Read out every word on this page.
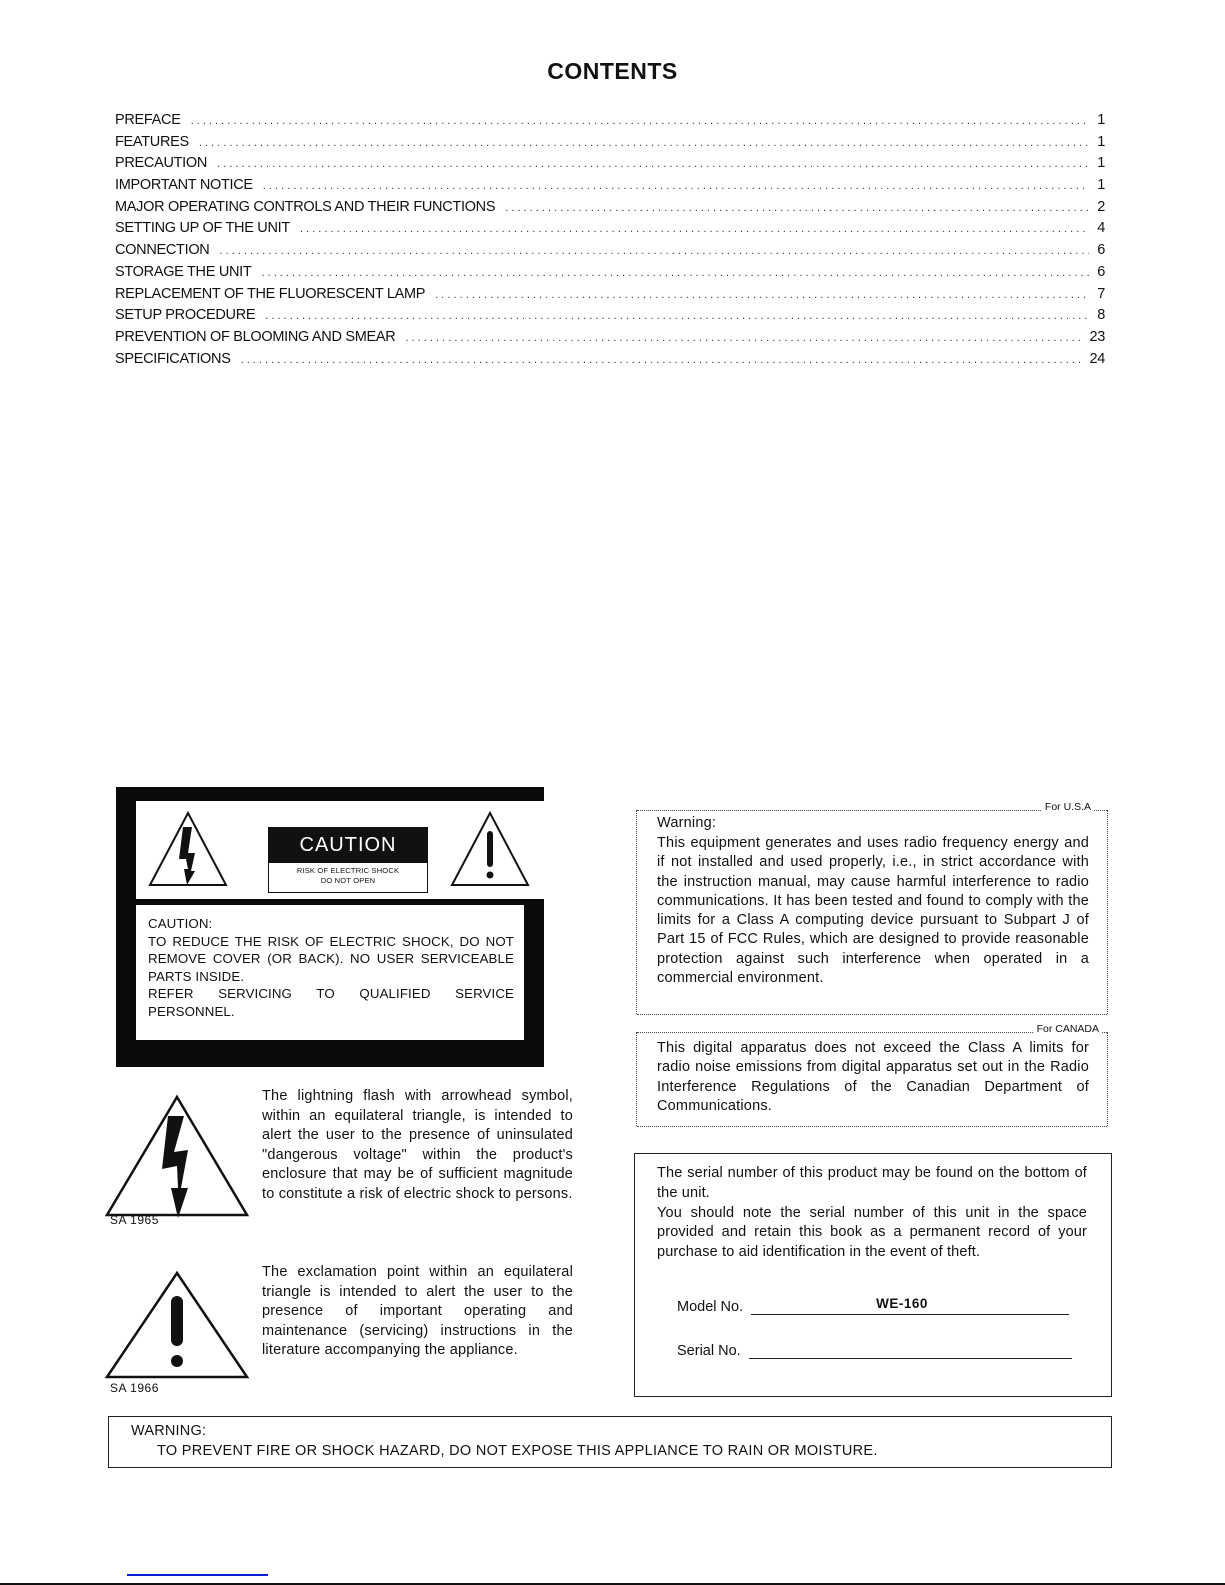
CONTENTS
PREFACE . . .	1
FEATURES . . .	1
PRECAUTION . . .	1
IMPORTANT NOTICE . . .	1
MAJOR OPERATING CONTROLS AND THEIR FUNCTIONS . . .	2
SETTING UP OF THE UNIT . . .	4
CONNECTION . . .	6
STORAGE THE UNIT . . .	6
REPLACEMENT OF THE FLUORESCENT LAMP . . .	7
SETUP PROCEDURE . . .	8
PREVENTION OF BLOOMING AND SMEAR . . .	23
SPECIFICATIONS . . .	24
CAUTION
RISK OF ELECTRIC SHOCK
DO NOT OPEN
CAUTION:
TO REDUCE THE RISK OF ELECTRIC SHOCK, DO NOT REMOVE COVER (OR BACK). NO USER SERVICEABLE PARTS INSIDE.
REFER SERVICING TO QUALIFIED SERVICE PERSONNEL.
SA 1965
The lightning flash with arrowhead symbol, within an equilateral triangle, is intended to alert the user to the presence of uninsulated "dangerous voltage" within the product's enclosure that may be of sufficient magnitude to constitute a risk of electric shock to persons.
SA 1966
The exclamation point within an equilateral triangle is intended to alert the user to the presence of important operating and maintenance (servicing) instructions in the literature accompanying the appliance.
For U.S.A
Warning:
This equipment generates and uses radio frequency energy and if not installed and used properly, i.e., in strict accordance with the instruction manual, may cause harmful interference to radio communications. It has been tested and found to comply with the limits for a Class A computing device pursuant to Subpart J of Part 15 of FCC Rules, which are designed to provide reasonable protection against such interference when operated in a commercial environment.
For CANADA
This digital apparatus does not exceed the Class A limits for radio noise emissions from digital apparatus set out in the Radio Interference Regulations of the Canadian Department of Communications.
The serial number of this product may be found on the bottom of the unit.
You should note the serial number of this unit in the space provided and retain this book as a permanent record of your purchase to aid identification in the event of theft.
Model No.	WE-160
Serial No.
WARNING:
TO PREVENT FIRE OR SHOCK HAZARD, DO NOT EXPOSE THIS APPLIANCE TO RAIN OR MOISTURE.
